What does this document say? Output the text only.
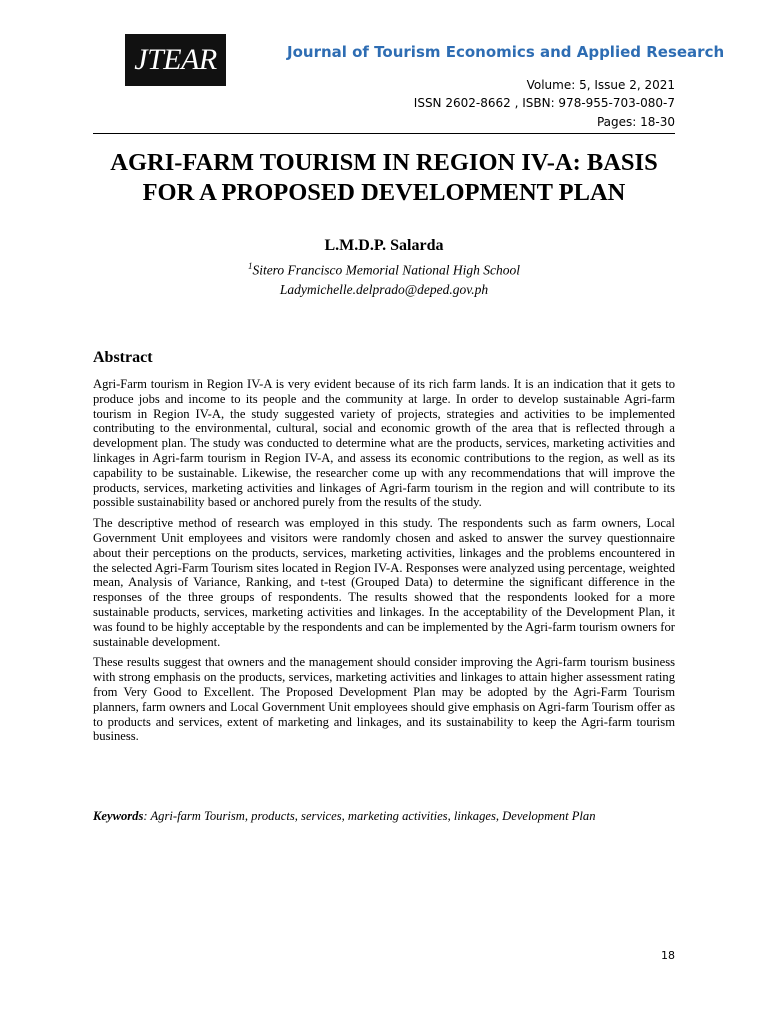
JTEAR	Journal of Tourism Economics and Applied Research
Volume: 5, Issue 2, 2021
ISSN 2602-8662 , ISBN: 978-955-703-080-7
Pages: 18-30
AGRI-FARM TOURISM IN REGION IV-A: BASIS
FOR A PROPOSED DEVELOPMENT PLAN
L.M.D.P. Salarda
$^1$Sitero Francisco Memorial National High School
Ladymichelle.delprado@deped.gov.ph
Abstract

Agri-Farm tourism in Region IV-A is very evident because of its rich farm lands. It is an indication that it gets to produce jobs and income to its people and the community at large. In order to develop sustainable Agri-farm tourism in Region IV-A, the study suggested variety of projects, strategies and activities to be implemented contributing to the environmental, cultural, social and economic growth of the area that is reflected through a development plan. The study was conducted to determine what are the products, services, marketing activities and linkages in Agri-farm tourism in Region IV-A, and assess its economic contributions to the region, as well as its capability to be sustainable. Likewise, the researcher come up with any recommendations that will improve the products, services, marketing activities and linkages of Agri-farm tourism in the region and will contribute to its possible sustainability based or anchored purely from the results of the study.

The descriptive method of research was employed in this study. The respondents such as farm owners, Local Government Unit employees and visitors were randomly chosen and asked to answer the survey questionnaire about their perceptions on the products, services, marketing activities, linkages and the problems encountered in the selected Agri-Farm Tourism sites located in Region IV-A. Responses were analyzed using percentage, weighted mean, Analysis of Variance, Ranking, and t-test (Grouped Data) to determine the significant difference in the responses of the three groups of respondents. The results showed that the respondents looked for a more sustainable products, services, marketing activities and linkages. In the acceptability of the Development Plan, it was found to be highly acceptable by the respondents and can be implemented by the Agri-farm tourism owners for sustainable development.

These results suggest that owners and the management should consider improving the Agri-farm tourism business with strong emphasis on the products, services, marketing activities and linkages to attain higher assessment rating from Very Good to Excellent. The Proposed Development Plan may be adopted by the Agri-Farm Tourism planners, farm owners and Local Government Unit employees should give emphasis on Agri-farm Tourism offer as to products and services, extent of marketing and linkages, and its sustainability to keep the Agri-farm tourism business.

Keywords: Agri-farm Tourism, products, services, marketing activities, linkages, Development Plan
18
